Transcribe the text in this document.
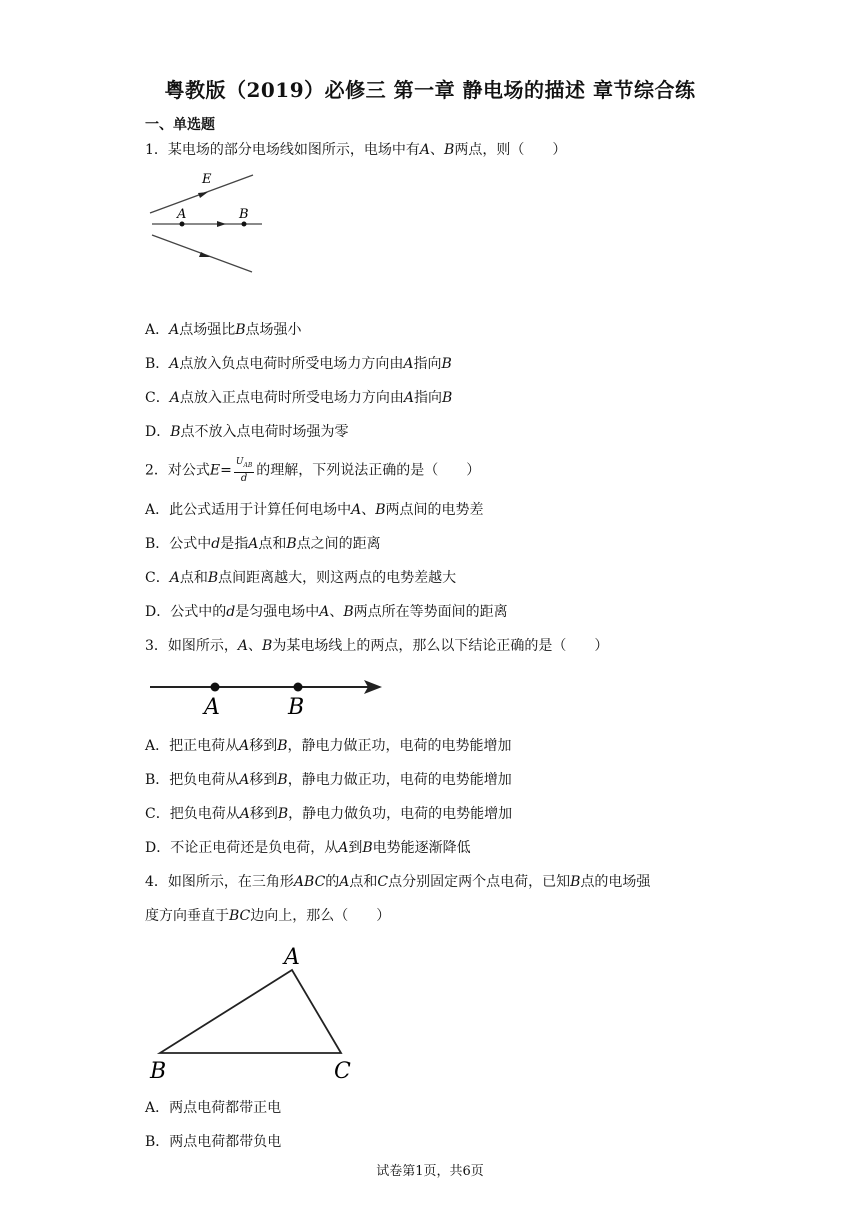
粤教版（2019）必修三 第一章 静电场的描述 章节综合练
一、单选题
1．某电场的部分电场线如图所示，电场中有A、B两点，则（　　）
E
A	B
A．A点场强比B点场强小
B．A点放入负点电荷时所受电场力方向由A指向B
C．A点放入正点电荷时所受电场力方向由A指向B
D．B点不放入点电荷时场强为零
2．对公式$E= \frac{U_{AB}}{d}$ 的理解，下列说法正确的是（　　）
A．此公式适用于计算任何电场中A、B两点间的电势差
B．公式中d是指A点和B点之间的距离
C．A点和B点间距离越大，则这两点的电势差越大
D．公式中的d是匀强电场中A、B两点所在等势面间的距离
3．如图所示，A、B为某电场线上的两点，那么以下结论正确的是（　　）
A	B
A．把正电荷从A移到B，静电力做正功，电荷的电势能增加
B．把负电荷从A移到B，静电力做正功，电荷的电势能增加
C．把负电荷从A移到B，静电力做负功，电荷的电势能增加
D．不论正电荷还是负电荷，从A到B电势能逐渐降低
4．如图所示，在三角形ABC的A点和C点分别固定两个点电荷，已知B点的电场强
度方向垂直于BC边向上，那么（　　）
A
B	C
A．两点电荷都带正电
B．两点电荷都带负电
试卷第1页，共6页
